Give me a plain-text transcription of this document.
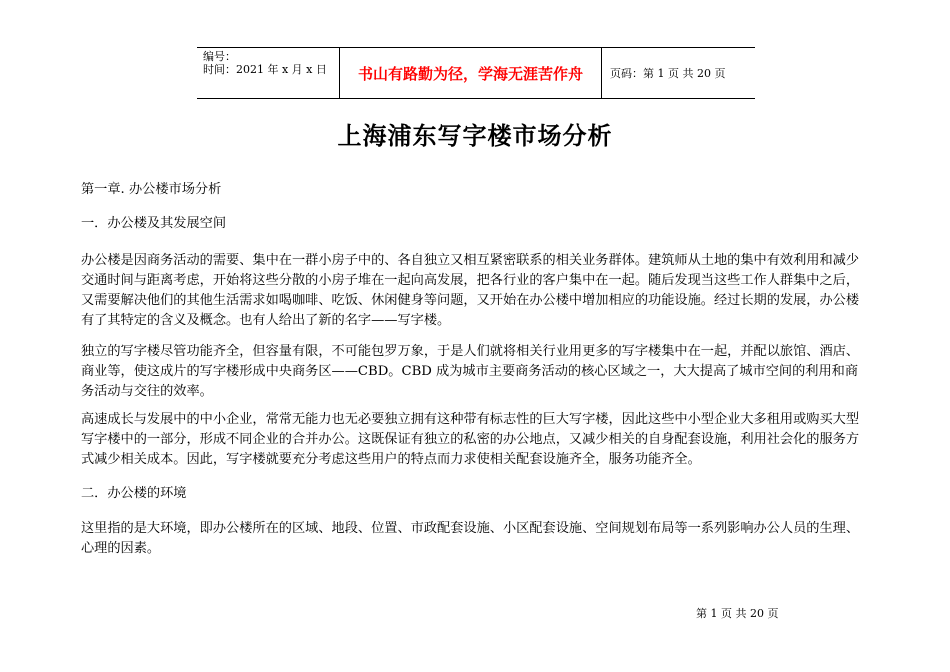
编号：
时间：2021 年 x 月 x 日	书山有路勤为径，学海无涯苦作舟	页码：第 1 页 共 20 页
上海浦东写字楼市场分析

第一章. 办公楼市场分析

一．办公楼及其发展空间

办公楼是因商务活动的需要、集中在一群小房子中的、各自独立又相互紧密联系的相关业务群体。建筑师从土地的集中有效利用和减少交通时间与距离考虑，开始将这些分散的小房子堆在一起向高发展，把各行业的客户集中在一起。随后发现当这些工作人群集中之后，又需要解决他们的其他生活需求如喝咖啡、吃饭、休闲健身等问题，又开始在办公楼中增加相应的功能设施。经过长期的发展，办公楼有了其特定的含义及概念。也有人给出了新的名字——写字楼。

独立的写字楼尽管功能齐全，但容量有限，不可能包罗万象，于是人们就将相关行业用更多的写字楼集中在一起，并配以旅馆、酒店、商业等，使这成片的写字楼形成中央商务区——CBD。CBD 成为城市主要商务活动的核心区域之一，大大提高了城市空间的利用和商务活动与交往的效率。

高速成长与发展中的中小企业，常常无能力也无必要独立拥有这种带有标志性的巨大写字楼，因此这些中小型企业大多租用或购买大型写字楼中的一部分，形成不同企业的合并办公。这既保证有独立的私密的办公地点，又减少相关的自身配套设施，利用社会化的服务方式减少相关成本。因此，写字楼就要充分考虑这些用户的特点而力求使相关配套设施齐全，服务功能齐全。

二．办公楼的环境

这里指的是大环境，即办公楼所在的区域、地段、位置、市政配套设施、小区配套设施、空间规划布局等一系列影响办公人员的生理、心理的因素。

第 1 页 共 20 页
